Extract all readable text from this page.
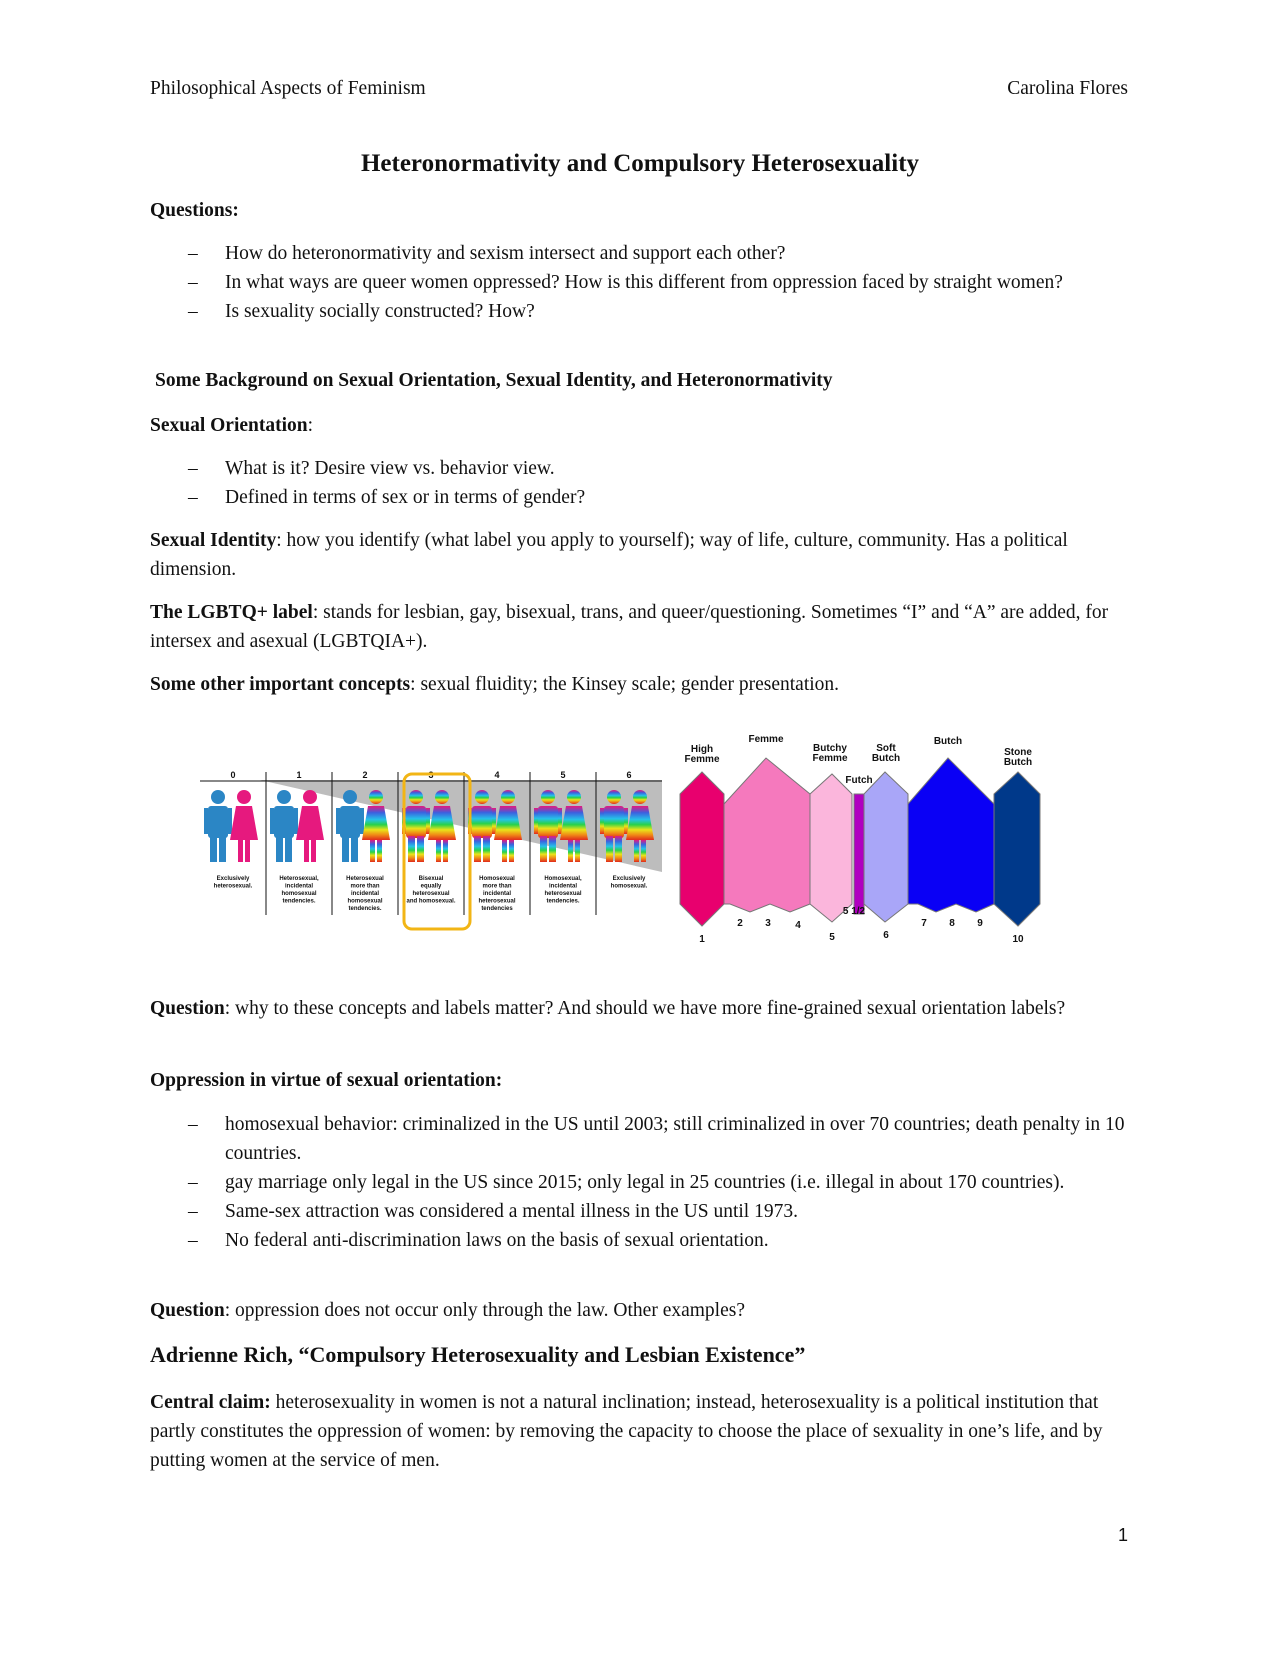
Philosophical Aspects of Feminism	Carolina Flores
Heteronormativity and Compulsory Heterosexuality
Questions:
– How do heteronormativity and sexism intersect and support each other?
– In what ways are queer women oppressed? How is this different from oppression faced by straight women?
– Is sexuality socially constructed? How?
Some Background on Sexual Orientation, Sexual Identity, and Heteronormativity
Sexual Orientation:
– What is it? Desire view vs. behavior view.
– Defined in terms of sex or in terms of gender?
Sexual Identity: how you identify (what label you apply to yourself); way of life, culture, community. Has a political dimension.
The LGBTQ+ label: stands for lesbian, gay, bisexual, trans, and queer/questioning. Sometimes “I” and “A” are added, for intersex and asexual (LGBTQIA+).
Some other important concepts: sexual fluidity; the Kinsey scale; gender presentation.
0	1	2	3	4	5	6
Exclusively
heterosexual.
Heterosexual,
incidental
homosexual
tendencies.
Heterosexual
more than
incidental
homosexual
tendencies.
Bisexual
equally
heterosexual
and homosexual.
Homosexual
more than
incidental
heterosexual
tendencies
Homosexual,
incidental
heterosexual
tendencies.
Exclusively
homosexual.
High
Femme
Femme
Butchy
Femme
Futch
Soft
Butch
Butch
Stone
Butch
1
2 3 4
5
5 1/2
6
7 8 9
10
Question: why to these concepts and labels matter? And should we have more fine-grained sexual orientation labels?
Oppression in virtue of sexual orientation:
– homosexual behavior: criminalized in the US until 2003; still criminalized in over 70 countries; death penalty in 10 countries.
– gay marriage only legal in the US since 2015; only legal in 25 countries (i.e. illegal in about 170 countries).
– Same-sex attraction was considered a mental illness in the US until 1973.
– No federal anti-discrimination laws on the basis of sexual orientation.
Question: oppression does not occur only through the law. Other examples?
Adrienne Rich, “Compulsory Heterosexuality and Lesbian Existence”
Central claim: heterosexuality in women is not a natural inclination; instead, heterosexuality is a political institution that partly constitutes the oppression of women: by removing the capacity to choose the place of sexuality in one’s life, and by putting women at the service of men.
1
